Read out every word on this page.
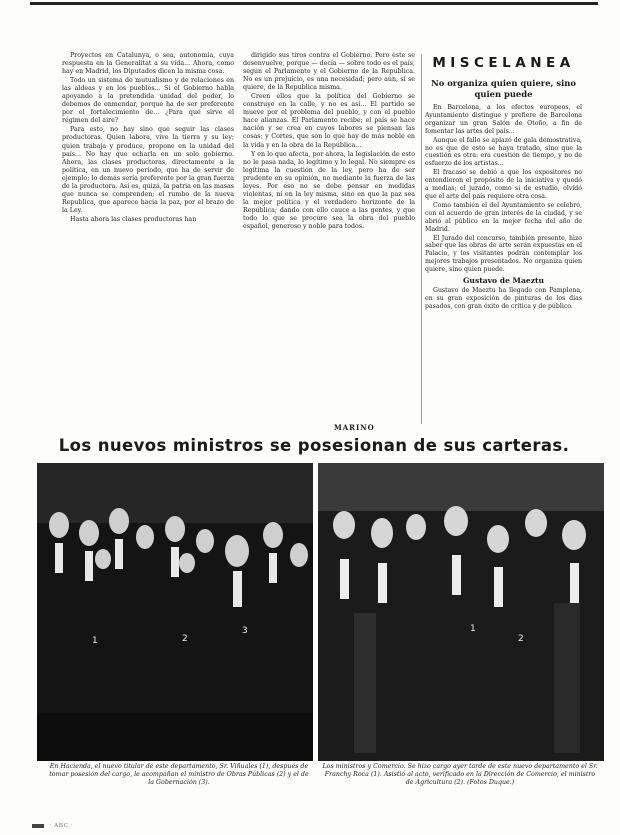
Proyectos en Catalunya, o sea, autonomía, cuya respuesta en la Generalitat a su vida... Ahora, como hay en Madrid, los Diputados dicen la misma cosa.

Todo un sistema de mutualismo y de relaciones en las aldeas y en los pueblos... Si el Gobierno habla apoyando a la pretendida unidad del poder, lo debemos de enmendar, porque ha de ser preferente por el fortalecimiento de... ¿Para qué sirve el régimen del aire?

Para esto, no hay sino que seguir las clases productoras. Quien labora, vive la tierra y su ley; quien trabaja y produce, propone en la unidad del país... No hay que echarla en un solo gobierno. Ahora, las clases productoras, directamente a la política, en un nuevo período, que ha de servir de ejemplo; lo demás sería preferente por la gran fuerza de la productora. Así es, quizá, la patria en las masas que nunca se comprenden; el rumbo de la nueva Republica, que aparece hacia la paz, por el brazo de la Ley.

Hasta ahora las clases productoras han

dirigido sus tiros contra el Gobierno. Pero éste se desenvuelve, porque — decía — sobre todo es el país, según el Parlamento y el Gobierno de la Republica. No es un prejuicio, es una necesidad; pero aún, si se quiere, de la Republica misma.

Creen ellos que la política del Gobierno se construye en la calle, y no es así... El partido se mueve por el problema del pueblo, y con el pueblo hace alianzas. El Parlamento recibe; el país se hace nación y se crea en cuyos labores se piensan las cosas; y Cortes, que son lo que hay de más noble en la vida y en la obra de la República...

Y en lo que afecta, por ahora, la legislación de esto no le pasa nada, lo legítimo y lo legal. No siempre es legítima la cuestión de la ley, pero ha de ser prudente en su opinión, no mediante la fuerza de las leyes. Por eso no se debe pensar en medidas violentas, ni en la ley misma, sino en que la paz sea la mejor política y el verdadero horizonte de la República; dando con ello cauce a las gentes, y que todo lo que se procure sea la obra del pueblo español, generoso y noble para todos.

MARINO
MISCELANEA
No organiza quien quiere, sino quien puede

En Barcelona, a los efectos europeos, el Ayuntamiento distingue y prefiere de Barcelona organizar un gran Salón de Otoño, a fin de fomentar las artes del país...

Aunque el fallo se aplazó de gala demostrativa, no es que de esto se haya tratado, sino que la cuestión es otra: era cuestión de tiempo, y no de esfuerzo de los artistas...

El fracaso se debió a que los expositores no entendieron el propósito de la iniciativa y quedó a medias; el jurado, como si de estudio, olvidó que el arte del país requiere otra cosa.

Como también el del Ayuntamiento se celebró, con el acuerdo de gran interés de la ciudad, y se abrió al público en la mejor fecha del año de Madrid.

El Jurado del concurso, también presente, hizo saber que las obras de arte serán expuestas en el Palacio, y los visitantes podrán contemplar los mejores trabajos presentados. No organiza quien quiere, sino quien puede.

Gustavo de Maeztu

Gustavo de Maeztu ha llegado con Pamplona, en su gran exposición de pinturas de los días pasados, con gran éxito de crítica y de público.

Los nuevos ministros se posesionan de sus carteras.
1	2
3	1
2
En Hacienda, el nuevo titular de este departamento, Sr. Viñuales (1), después de tomar posesión del cargo, le acompañan el ministro de Obras Públicas (2) y el de la Gobernación (3).
Los ministros y Comercio. Se hizo cargo ayer tarde de este nuevo departamento el Sr. Franchy Roca (1). Asistió al acto, verificado en la Dirección de Comercio, el ministro de Agricultura (2). (Fotos Duque.)
· ABC ·
